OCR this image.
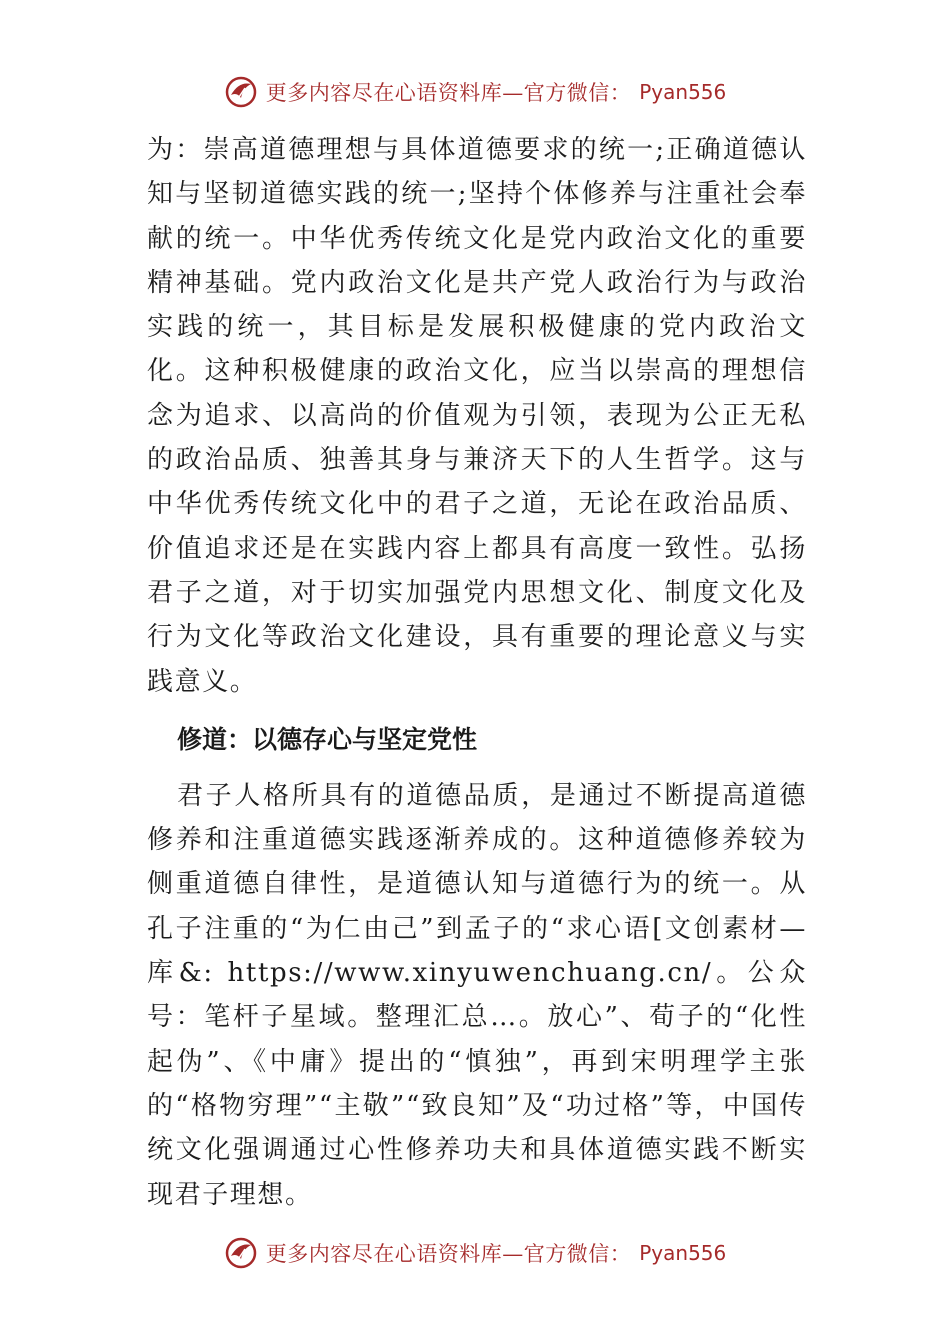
更多内容尽在心语资料库—官方微信： Pyan556

为：崇高道德理想与具体道德要求的统一;正确道德认知与坚韧道德实践的统一;坚持个体修养与注重社会奉献的统一。中华优秀传统文化是党内政治文化的重要精神基础。党内政治文化是共产党人政治行为与政治实践的统一，其目标是发展积极健康的党内政治文化。这种积极健康的政治文化，应当以崇高的理想信念为追求、以高尚的价值观为引领，表现为公正无私的政治品质、独善其身与兼济天下的人生哲学。这与中华优秀传统文化中的君子之道，无论在政治品质、价值追求还是在实践内容上都具有高度一致性。弘扬君子之道，对于切实加强党内思想文化、制度文化及行为文化等政治文化建设，具有重要的理论意义与实践意义。

修道：以德存心与坚定党性

君子人格所具有的道德品质，是通过不断提高道德修养和注重道德实践逐渐养成的。这种道德修养较为侧重道德自律性，是道德认知与道德行为的统一。从孔子注重的“为仁由己”到孟子的“求心语[文创素材—库&: https://www.xinyuwenchuang.cn/。公众号：笔杆子星域。整理汇总…。放心”、荀子的“化性起伪”、《中庸》提出的“慎独”，再到宋明理学主张的“格物穷理”“主敬”“致良知”及“功过格”等，中国传统文化强调通过心性修养功夫和具体道德实践不断实现君子理想。

更多内容尽在心语资料库—官方微信： Pyan556
